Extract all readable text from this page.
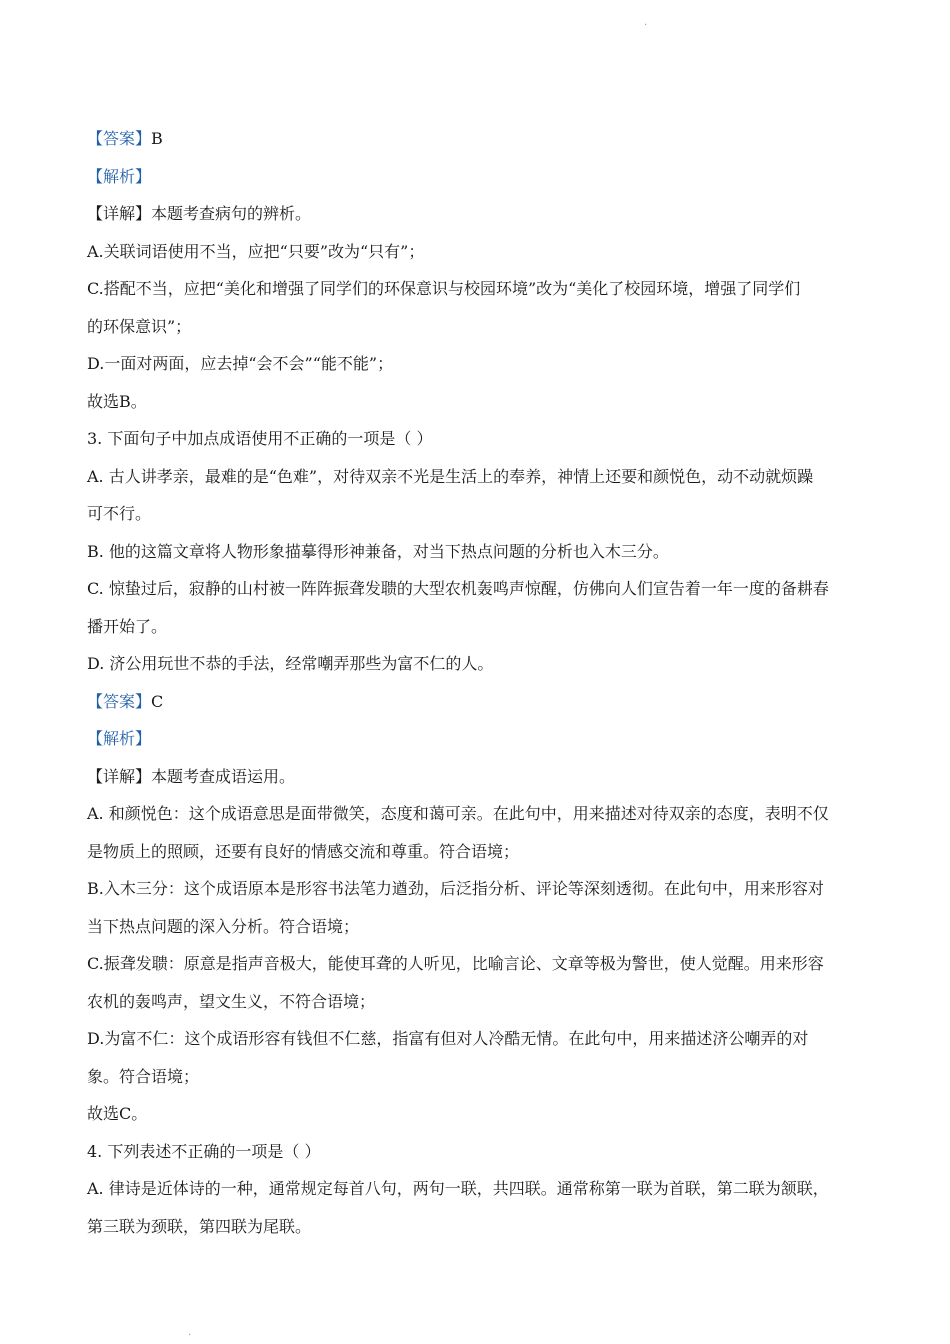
.
.
【答案】B
【解析】
【详解】本题考查病句的辨析。
A.关联词语使用不当，应把“只要”改为“只有”；
C.搭配不当，应把“美化和增强了同学们的环保意识与校园环境”改为“美化了校园环境，增强了同学们
的环保意识”；
D.一面对两面，应去掉“会不会”“能不能”；
故选B。
3. 下面句子中加点成语使用不正确的一项是（ ）
A. 古人讲孝亲，最难的是“色难”，对待双亲不光是生活上的奉养，神情上还要和颜悦色，动不动就烦躁
可不行。
B. 他的这篇文章将人物形象描摹得形神兼备，对当下热点问题的分析也入木三分。
C. 惊蛰过后，寂静的山村被一阵阵振聋发聩的大型农机轰鸣声惊醒，仿佛向人们宣告着一年一度的备耕春
播开始了。
D. 济公用玩世不恭的手法，经常嘲弄那些为富不仁的人。
【答案】C
【解析】
【详解】本题考查成语运用。
A. 和颜悦色：这个成语意思是面带微笑，态度和蔼可亲。在此句中，用来描述对待双亲的态度，表明不仅
是物质上的照顾，还要有良好的情感交流和尊重。符合语境；
B.入木三分：这个成语原本是形容书法笔力遒劲，后泛指分析、评论等深刻透彻。在此句中，用来形容对
当下热点问题的深入分析。符合语境；
C.振聋发聩：原意是指声音极大，能使耳聋的人听见，比喻言论、文章等极为警世，使人觉醒。用来形容
农机的轰鸣声，望文生义，不符合语境；
D.为富不仁：这个成语形容有钱但不仁慈，指富有但对人冷酷无情。在此句中，用来描述济公嘲弄的对
象。符合语境；
故选C。
4. 下列表述不正确的一项是（ ）
A. 律诗是近体诗的一种，通常规定每首八句，两句一联，共四联。通常称第一联为首联，第二联为颔联，
第三联为颈联，第四联为尾联。
